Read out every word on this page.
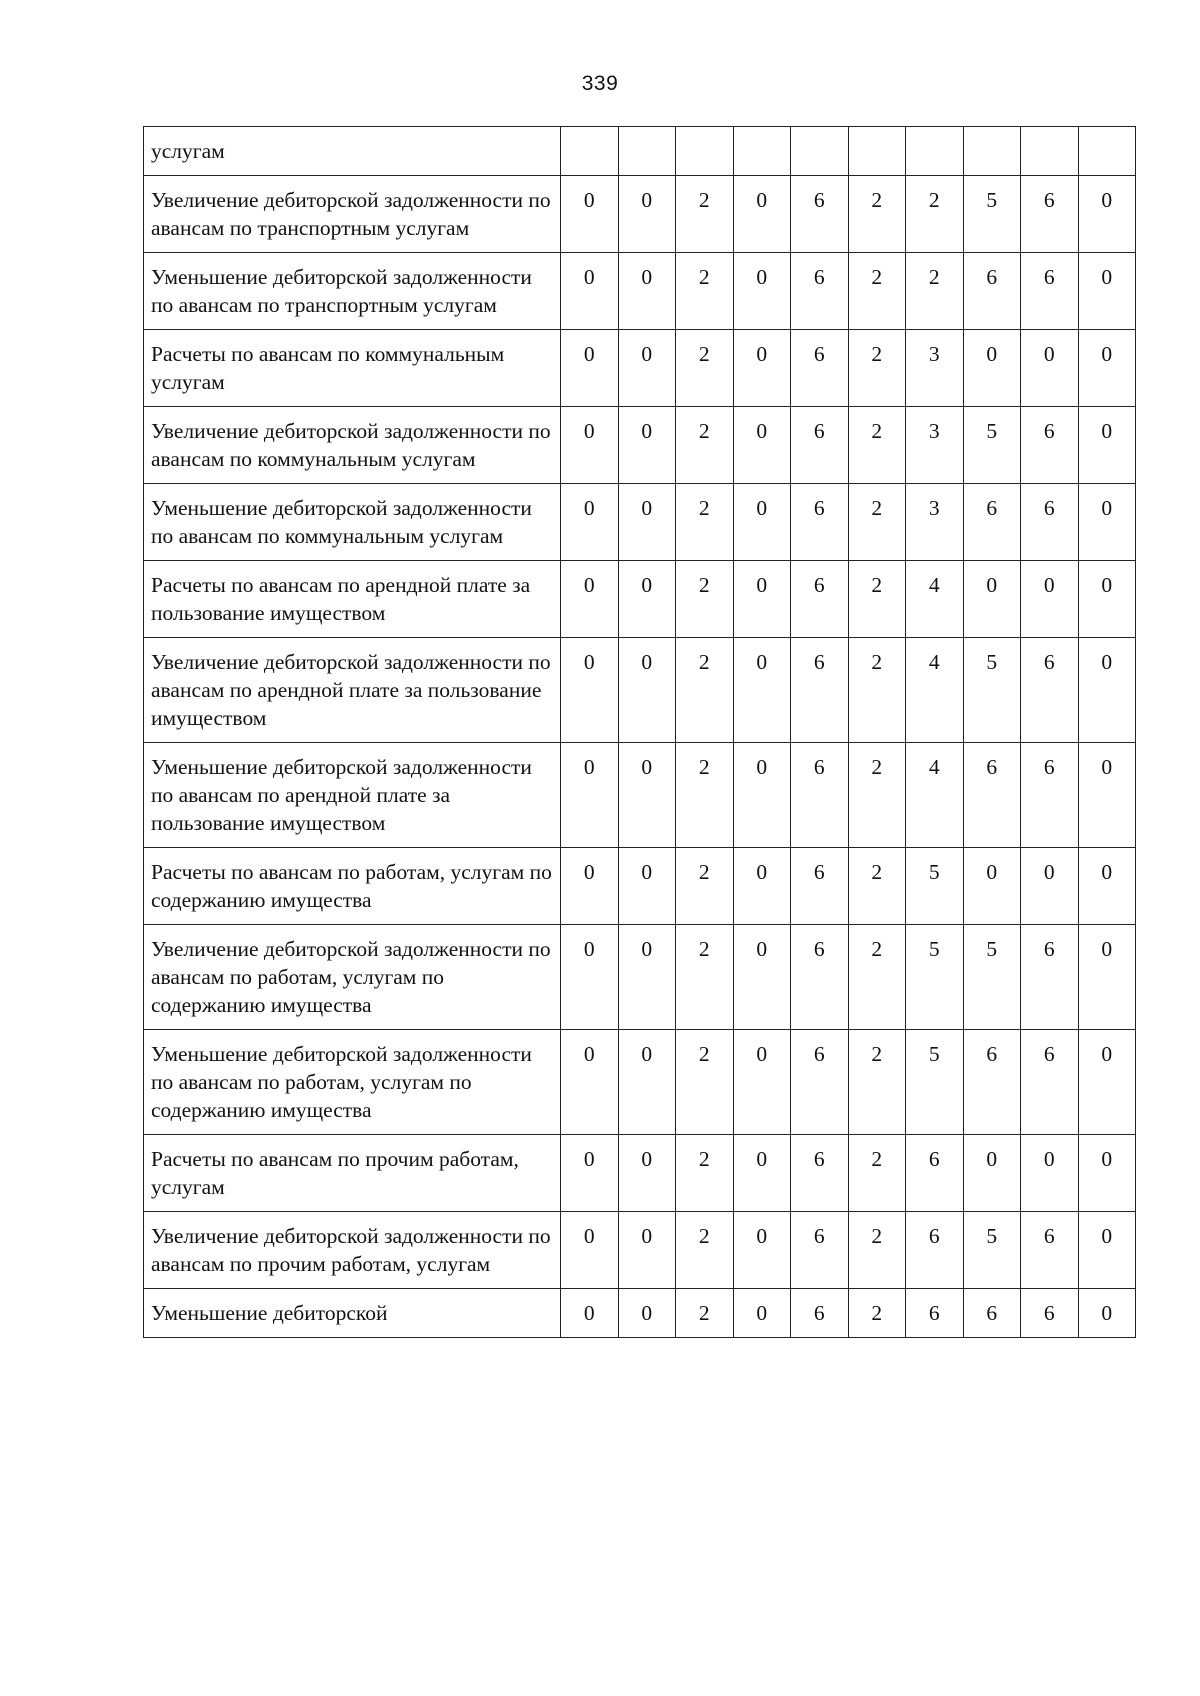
339
услугам										
Увеличение дебиторской задолженности по авансам по транспортным услугам	0	0	2	0	6	2	2	5	6	0
Уменьшение дебиторской задолженности по авансам по транспортным услугам	0	0	2	0	6	2	2	6	6	0
Расчеты по авансам по коммунальным услугам	0	0	2	0	6	2	3	0	0	0
Увеличение дебиторской задолженности по авансам по коммунальным услугам	0	0	2	0	6	2	3	5	6	0
Уменьшение дебиторской задолженности по авансам по коммунальным услугам	0	0	2	0	6	2	3	6	6	0
Расчеты по авансам по арендной плате за пользование имуществом	0	0	2	0	6	2	4	0	0	0
Увеличение дебиторской задолженности по авансам по арендной плате за пользование имуществом	0	0	2	0	6	2	4	5	6	0
Уменьшение дебиторской задолженности по авансам по арендной плате за пользование имуществом	0	0	2	0	6	2	4	6	6	0
Расчеты по авансам по работам, услугам по содержанию имущества	0	0	2	0	6	2	5	0	0	0
Увеличение дебиторской задолженности по авансам по работам, услугам по содержанию имущества	0	0	2	0	6	2	5	5	6	0
Уменьшение дебиторской задолженности по авансам по работам, услугам по содержанию имущества	0	0	2	0	6	2	5	6	6	0
Расчеты по авансам по прочим работам, услугам	0	0	2	0	6	2	6	0	0	0
Увеличение дебиторской задолженности по авансам по прочим работам, услугам	0	0	2	0	6	2	6	5	6	0
Уменьшение дебиторской	0	0	2	0	6	2	6	6	6	0
